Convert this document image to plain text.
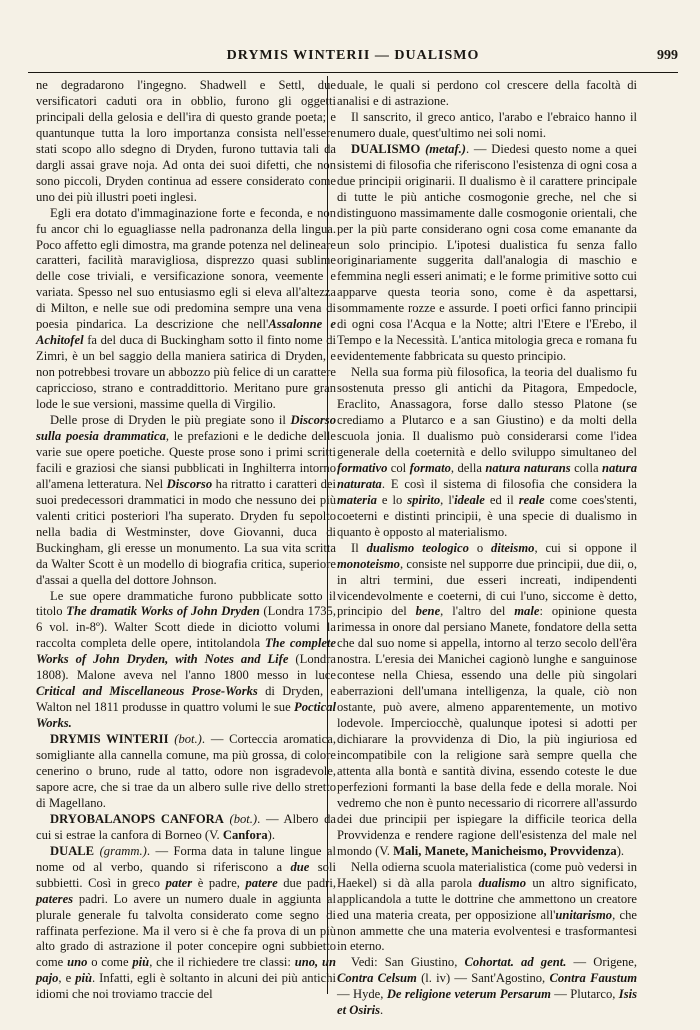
DRYMIS WINTERII — DUALISMO	999

ne degradarono l'ingegno. Shadwell e Settl, due versificatori caduti ora in obblio, furono gli oggetti principali della gelosia e dell'ira di questo grande poeta; e quantunque tutta la loro importanza consista nell'essere stati scopo allo sdegno di Dryden, furono tuttavia tali da dargli assai grave noja. Ad onta dei suoi difetti, che non sono piccoli, Dryden continua ad essere considerato come uno dei più illustri poeti inglesi.

Egli era dotato d'immaginazione forte e feconda, e non fu ancor chi lo eguagliasse nella padronanza della lingua. Poco affetto egli dimostra, ma grande potenza nel delineare caratteri, facilità maravigliosa, disprezzo quasi sublime delle cose triviali, e versificazione sonora, veemente e variata. Spesso nel suo entusiasmo egli si eleva all'altezza di Milton, e nelle sue odi predomina sempre una vena di poesia pindarica. La descrizione che nell'Assalonne e Achitofel fa del duca di Buckingham sotto il finto nome di Zimri, è un bel saggio della maniera satirica di Dryden, e non potrebbesi trovare un abbozzo più felice di un carattere capriccioso, strano e contraddittorio. Meritano pure gran lode le sue versioni, massime quella di Virgilio.

Delle prose di Dryden le più pregiate sono il Discorso sulla poesia drammatica, le prefazioni e le dediche delle varie sue opere poetiche. Queste prose sono i primi scritti facili e graziosi che siansi pubblicati in Inghilterra intorno all'amena letteratura. Nel Discorso ha ritratto i caratteri dei suoi predecessori drammatici in modo che nessuno dei più valenti critici posteriori l'ha superato. Dryden fu sepolto nella badia di Westminster, dove Giovanni, duca di Buckingham, gli eresse un monumento. La sua vita scritta da Walter Scott è un modello di biografia critica, superiore d'assai a quella del dottore Johnson.

Le sue opere drammatiche furono pubblicate sotto il titolo The dramatik Works of John Dryden (Londra 1735, 6 vol. in-8º). Walter Scott diede in diciotto volumi la raccolta completa delle opere, intitolandola The complete Works of John Dryden, with Notes and Life (Londra 1808). Malone aveva nel l'anno 1800 messo in luce Critical and Miscellaneous Prose-Works di Dryden, e Walton nel 1811 produsse in quattro volumi le sue Poctical Works.

DRYMIS WINTERII (bot.). — Corteccia aromatica, somigliante alla cannella comune, ma più grossa, di colore cenerino o bruno, rude al tatto, odore non isgradevole, sapore acre, che si trae da un albero sulle rive dello stretto di Magellano.

DRYOBALANOPS CANFORA (bot.). — Albero da cui si estrae la canfora di Borneo (V. Canfora).

DUALE (gramm.). — Forma data in talune lingue al nome od al verbo, quando si riferiscono a due soli subbietti. Così in greco pater è padre, patere due padri, pateres padri. Lo avere un numero duale in aggiunta al plurale generale fu talvolta considerato come segno di raffinata perfezione. Ma il vero si è che fa prova di un più alto grado di astrazione il poter concepire ogni subbietto come uno o come più, che il richiedere tre classi: uno, un pajo, e più. Infatti, egli è soltanto in alcuni dei più antichi idiomi che noi troviamo traccie del

duale, le quali si perdono col crescere della facoltà di analisi e di astrazione.

Il sanscrito, il greco antico, l'arabo e l'ebraico hanno il numero duale, quest'ultimo nei soli nomi.

DUALISMO (metaf.). — Diedesi questo nome a quei sistemi di filosofia che riferiscono l'esistenza di ogni cosa a due principii originarii. Il dualismo è il carattere principale di tutte le più antiche cosmogonie greche, nel che si distinguono massimamente dalle cosmogonie orientali, che per la più parte considerano ogni cosa come emanante da un solo principio. L'ipotesi dualistica fu senza fallo originariamente suggerita dall'analogia di maschio e femmina negli esseri animati; e le forme primitive sotto cui apparve questa teoria sono, come è da aspettarsi, sommamente rozze e assurde. I poeti orfici fanno principii di ogni cosa l'Acqua e la Notte; altri l'Etere e l'Erebo, il Tempo e la Necessità. L'antica mitologia greca e romana fu evidentemente fabbricata su questo principio.

Nella sua forma più filosofica, la teoria del dualismo fu sostenuta presso gli antichi da Pitagora, Empedocle, Eraclito, Anassagora, forse dallo stesso Platone (se crediamo a Plutarco e a san Giustino) e da molti della scuola jonia. Il dualismo può considerarsi come l'idea generale della coeternità e dello sviluppo simultaneo del formativo col formato, della natura naturans colla natura naturata. E così il sistema di filosofia che considera la materia e lo spirito, l'ideale ed il reale come coes'stenti, coeterni e distinti principii, è una specie di dualismo in quanto è opposto al materialismo.

Il dualismo teologico o diteismo, cui si oppone il monoteismo, consiste nel supporre due principii, due dii, o, in altri termini, due esseri increati, indipendenti vicendevolmente e coeterni, di cui l'uno, siccome è detto, principio del bene, l'altro del male: opinione questa rimessa in onore dal persiano Manete, fondatore della setta che dal suo nome si appella, intorno al terzo secolo dell'êra nostra. L'eresia dei Manichei cagionò lunghe e sanguinose contese nella Chiesa, essendo una delle più singolari aberrazioni dell'umana intelligenza, la quale, ciò non ostante, può avere, almeno apparentemente, un motivo lodevole. Imperciocchè, qualunque ipotesi si adotti per dichiarare la provvidenza di Dio, la più ingiuriosa ed incompatibile con la religione sarà sempre quella che attenta alla bontà e santità divina, essendo coteste le due perfezioni formanti la base della fede e della morale. Noi vedremo che non è punto necessario di ricorrere all'assurdo dei due principii per ispiegare la difficile teorica della Provvidenza e rendere ragione dell'esistenza del male nel mondo (V. Mali, Manete, Manicheismo, Provvidenza).

Nella odierna scuola materialistica (come può vedersi in Haekel) si dà alla parola dualismo un altro significato, applicandola a tutte le dottrine che ammettono un creatore ed una materia creata, per opposizione all'unitarismo, che non ammette che una materia evolventesi e trasformantesi in eterno.

Vedi: San Giustino, Cohortat. ad gent. — Origene, Contra Celsum (l. iv) — Sant'Agostino, Contra Faustum — Hyde, De religione veterum Persarum — Plutarco, Isis et Osiris.
